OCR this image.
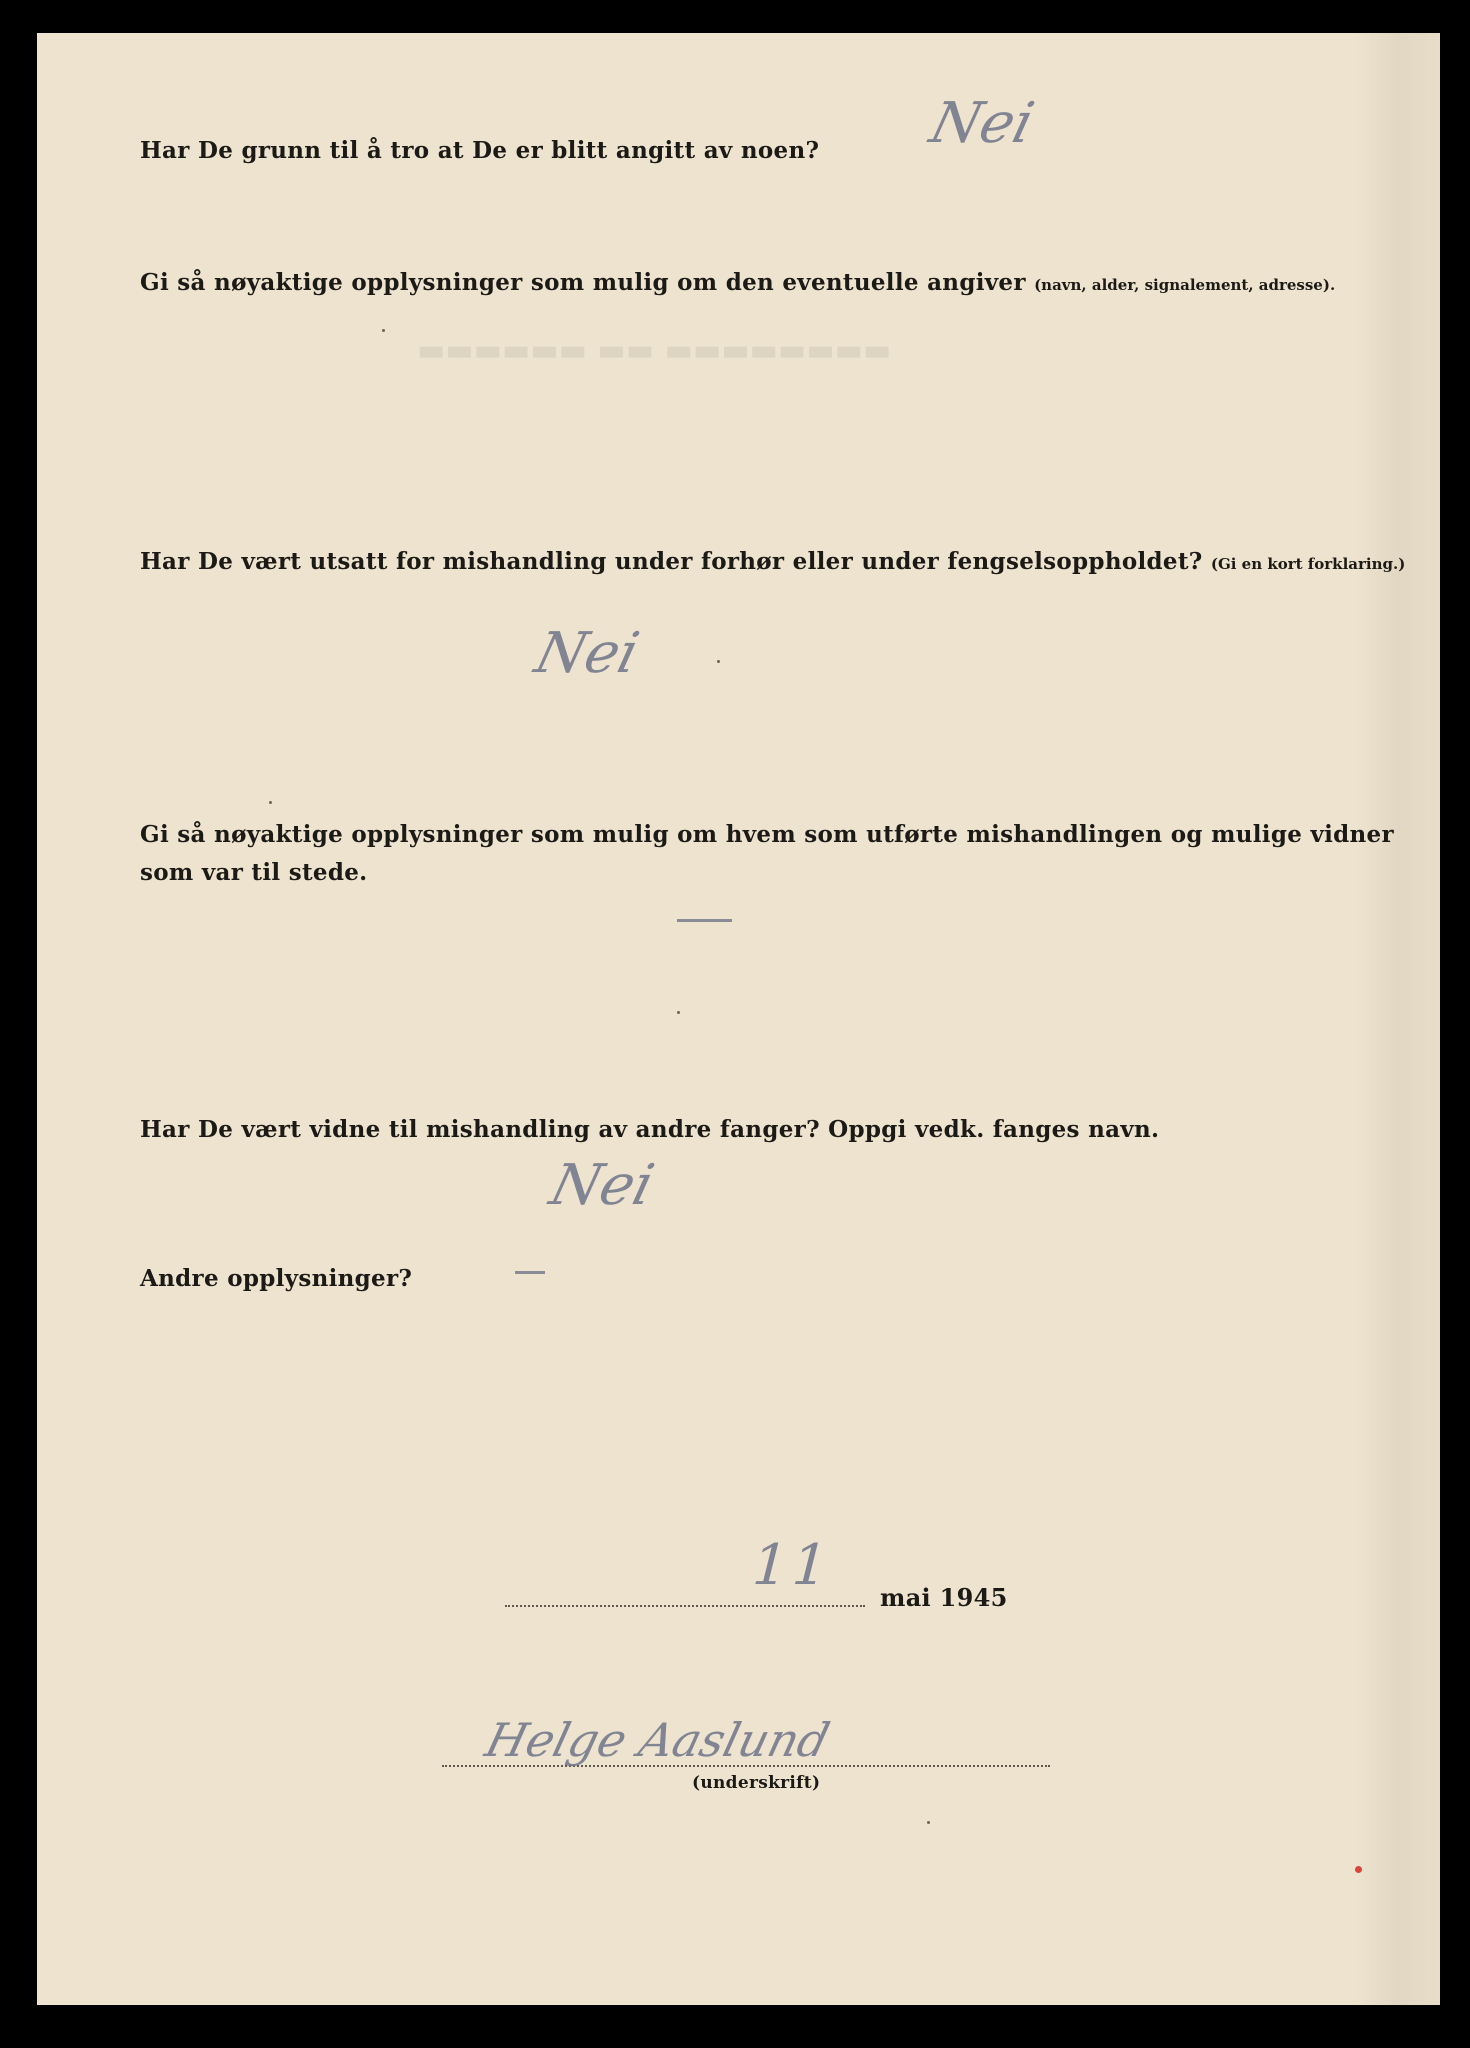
▬▬▬▬▬▬ ▬▬ ▬▬▬▬▬▬▬▬
Har De grunn til å tro at De er blitt angitt av noen? Nei
Gi så nøyaktige opplysninger som mulig om den eventuelle angiver (navn, alder, signalement, adresse).
Har De vært utsatt for mishandling under forhør eller under fengselsoppholdet? (Gi en kort forklaring.)
Nei
Gi så nøyaktige opplysninger som mulig om hvem som utførte mishandlingen og mulige vidner som var til stede.
Har De vært vidne til mishandling av andre fanger? Oppgi vedk. fanges navn.
Nei
Andre opplysninger?
11 mai 1945
Helge Aaslund
(underskrift)
